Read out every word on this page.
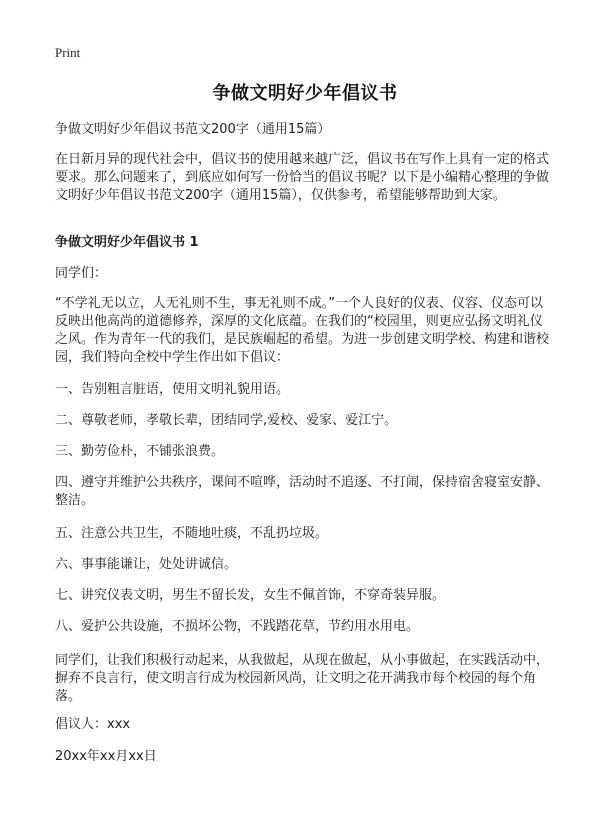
Print
争做文明好少年倡议书
争做文明好少年倡议书范文200字（通用15篇）
在日新月异的现代社会中，倡议书的使用越来越广泛，倡议书在写作上具有一定的格式要求。那么问题来了，到底应如何写一份恰当的倡议书呢？以下是小编精心整理的争做文明好少年倡议书范文200字（通用15篇），仅供参考，希望能够帮助到大家。
争做文明好少年倡议书 1
同学们：
“不学礼无以立，人无礼则不生，事无礼则不成。”一个人良好的仪表、仪容、仪态可以反映出他高尚的道德修养，深厚的文化底蕴。在我们的“校园里，则更应弘扬文明礼仪之风。作为青年一代的我们，是民族崛起的希望。为进一步创建文明学校、构建和谐校园，我们特向全校中学生作出如下倡议：
一、告别粗言脏语，使用文明礼貌用语。
二、尊敬老师，孝敬长辈，团结同学,爱校、爱家、爱江宁。
三、勤劳俭朴，不铺张浪费。
四、遵守并维护公共秩序，课间不喧哗，活动时不追逐、不打闹，保持宿舍寝室安静、整洁。
五、注意公共卫生，不随地吐痰，不乱扔垃圾。
六、事事能谦让，处处讲诚信。
七、讲究仪表文明，男生不留长发，女生不佩首饰，不穿奇装异服。
八、爱护公共设施，不损坏公物，不践踏花草，节约用水用电。
同学们，让我们积极行动起来，从我做起，从现在做起，从小事做起，在实践活动中，摒弃不良言行，使文明言行成为校园新风尚，让文明之花开满我市每个校园的每个角落。
倡议人：xxx
20xx年xx月xx日
